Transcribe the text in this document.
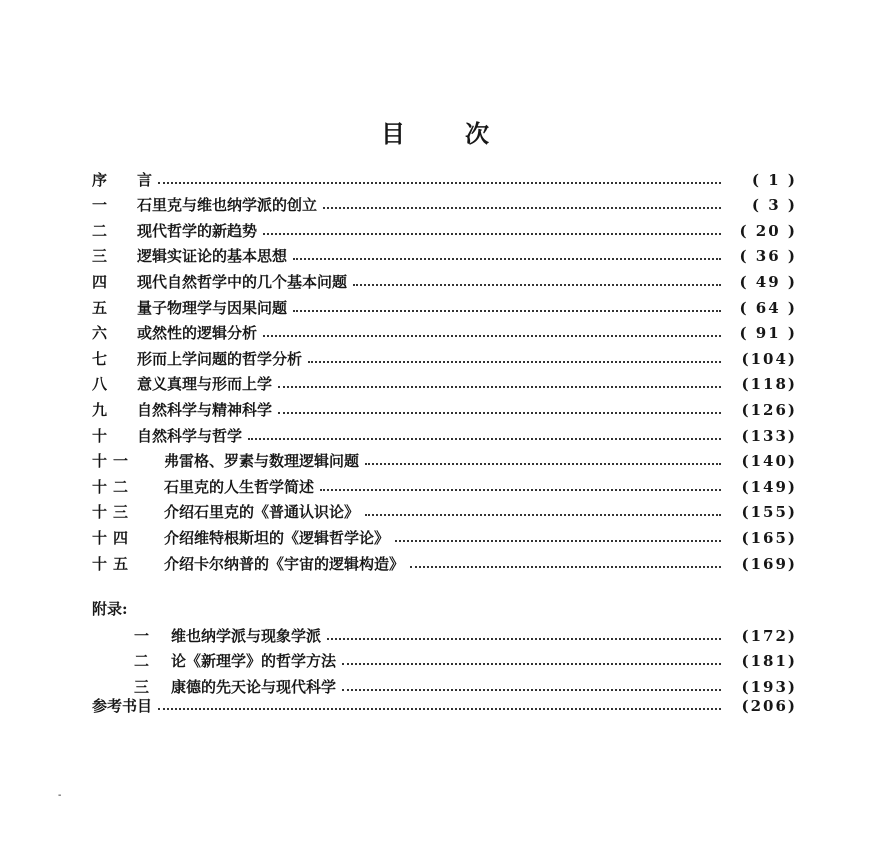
目	次
序 言	( 1 )
一 石里克与维也纳学派的创立	( 3 )
二 现代哲学的新趋势	( 20 )
三 逻辑实证论的基本思想	( 36 )
四 现代自然哲学中的几个基本问题	( 49 )
五 量子物理学与因果问题	( 64 )
六 或然性的逻辑分析	( 91 )
七 形而上学问题的哲学分析	(104)
八 意义真理与形而上学	(118)
九 自然科学与精神科学	(126)
十 自然科学与哲学	(133)
十一 弗雷格、罗素与数理逻辑问题	(140)
十二 石里克的人生哲学简述	(149)
十三 介绍石里克的《普通认识论》	(155)
十四 介绍维特根斯坦的《逻辑哲学论》	(165)
十五 介绍卡尔纳普的《宇宙的逻辑构造》	(169)
附录:
一 维也纳学派与现象学派	(172)
二 论《新理学》的哲学方法	(181)
三 康德的先天论与现代科学	(193)
参考书目	(206)
-
